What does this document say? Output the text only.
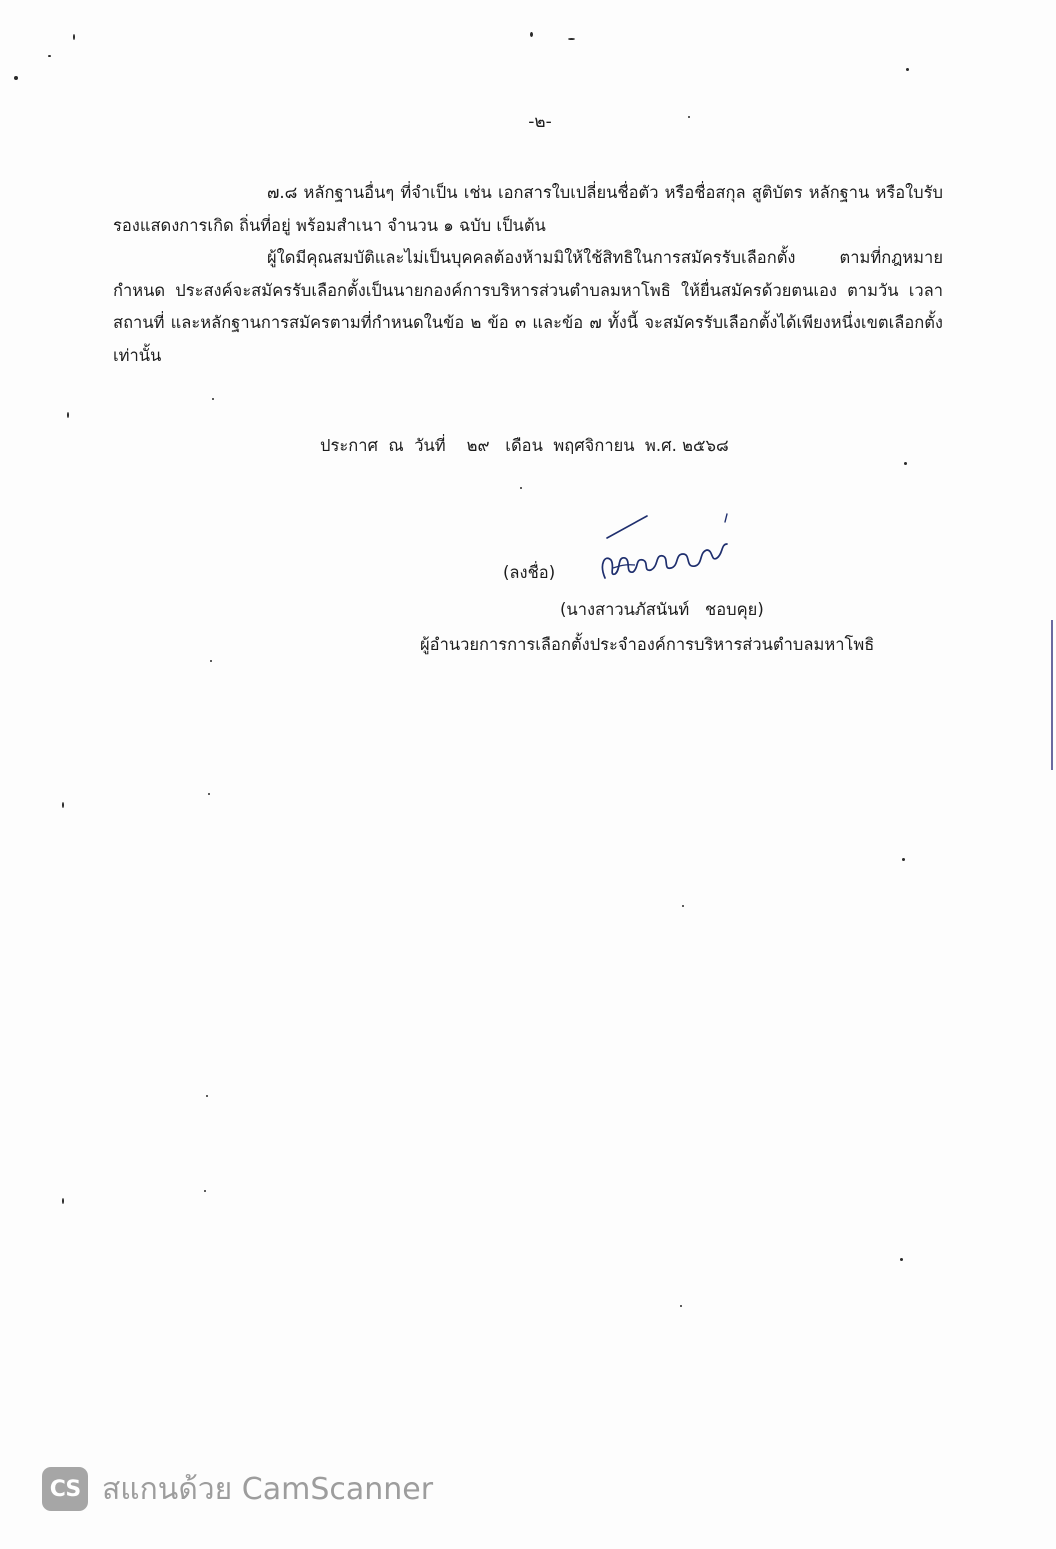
-๒-

๗.๘ หลักฐานอื่นๆ ที่จำเป็น เช่น เอกสารใบเปลี่ยนชื่อตัว หรือชื่อสกุล สูติบัตร หลักฐาน หรือใบรับรองแสดงการเกิด ถิ่นที่อยู่ พร้อมสำเนา จำนวน ๑ ฉบับ เป็นต้น

ผู้ใดมีคุณสมบัติและไม่เป็นบุคคลต้องห้ามมิให้ใช้สิทธิในการสมัครรับเลือกตั้ง ตามที่กฎหมายกำหนด ประสงค์จะสมัครรับเลือกตั้งเป็นนายกองค์การบริหารส่วนตำบลมหาโพธิ ให้ยื่นสมัครด้วยตนเอง ตามวัน เวลา สถานที่ และหลักฐานการสมัครตามที่กำหนดในข้อ ๒ ข้อ ๓ และข้อ ๗ ทั้งนี้ จะสมัครรับเลือกตั้งได้เพียงหนึ่งเขตเลือกตั้งเท่านั้น

ประกาศ  ณ  วันที่    ๒๙   เดือน  พฤศจิกายน  พ.ศ. ๒๕๖๘
(ลงชื่อ)
(นางสาวนภัสนันท์   ชอบคุย)
ผู้อำนวยการการเลือกตั้งประจำองค์การบริหารส่วนตำบลมหาโพธิ
CS สแกนด้วย CamScanner
